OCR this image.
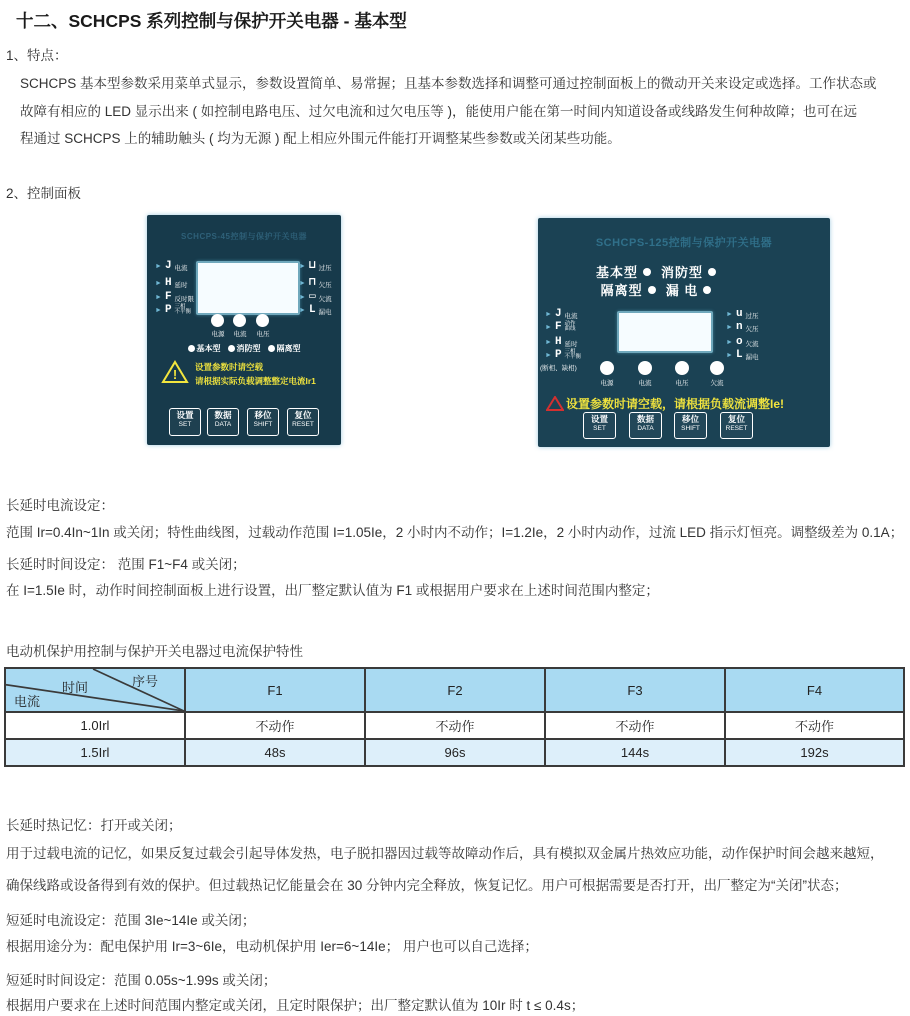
十二、SCHCPS 系列控制与保护开关电器 - 基本型
1、特点：
SCHCPS 基本型参数采用菜单式显示，参数设置简单、易常握；且基本参数选择和调整可通过控制面板上的微动开关来设定或选择。工作状态或
故障有相应的 LED 显示出来 ( 如控制电路电压、过欠电流和过欠电压等 )，能使用户能在第一时间内知道设备或线路发生何种故障；也可在远
程通过 SCHCPS 上的辅助触头 ( 均为无源 ) 配上相应外围元件能打开调整某些参数或关闭某些功能。
2、控制面板
SCHCPS-45控制与保护开关电器
► J 电流
► H 延时
► F 反时限
► P 三相
不平衡
► ⊔ 过压
► ⊓ 欠压
► ▭ 欠流
► L 漏电
电源	电流	电压
基本型 消防型 隔离型
! 设置参数时请空载
请根据实际负载调整整定电流Ir1
设置
SET
数据
DATA
移位
SHIFT
复位
RESET
SCHCPS-125控制与保护开关电器
基本型 消防型
隔离型 漏 电
► J 电流
► F 动作
曲线
► H 延时
► P 三相
不平衡
(断相、缺相)
► u 过压
► n 欠压
► o 欠流
► L 漏电
电源	电流	电压	欠流
设置参数时请空载，请根据负载流调整Ie!
设置
SET
数据
DATA
移位
SHIFT
复位
RESET
长延时电流设定：
范围 Ir=0.4In~1In 或关闭；特性曲线图，过载动作范围 I=1.05Ie，2 小时内不动作；I=1.2Ie，2 小时内动作，过流 LED 指示灯恒亮。调整级差为 0.1A；
长延时时间设定： 范围 F1~F4 或关闭；
在 I=1.5Ie 时，动作时间控制面板上进行设置，出厂整定默认值为 F1 或根据用户要求在上述时间范围内整定；
电动机保护用控制与保护开关电器过电流保护特性
时间 序号
电流	F1	F2	F3	F4
1.0Irl	不动作	不动作	不动作	不动作
1.5Irl	48s	96s	144s	192s
长延时热记忆：打开或关闭；
用于过载电流的记忆，如果反复过载会引起导体发热，电子脱扣器因过载等故障动作后，具有模拟双金属片热效应功能，动作保护时间会越来越短，
确保线路或设备得到有效的保护。但过载热记忆能量会在 30 分钟内完全释放，恢复记忆。用户可根据需要是否打开，出厂整定为“关闭”状态；
短延时电流设定：范围 3Ie~14Ie 或关闭；
根据用途分为：配电保护用 Ir=3~6Ie，电动机保护用 Ier=6~14Ie； 用户也可以自己选择；
短延时时间设定：范围 0.05s~1.99s 或关闭；
根据用户要求在上述时间范围内整定或关闭，且定时限保护；出厂整定默认值为 10Ir 时 t ≤ 0.4s；
